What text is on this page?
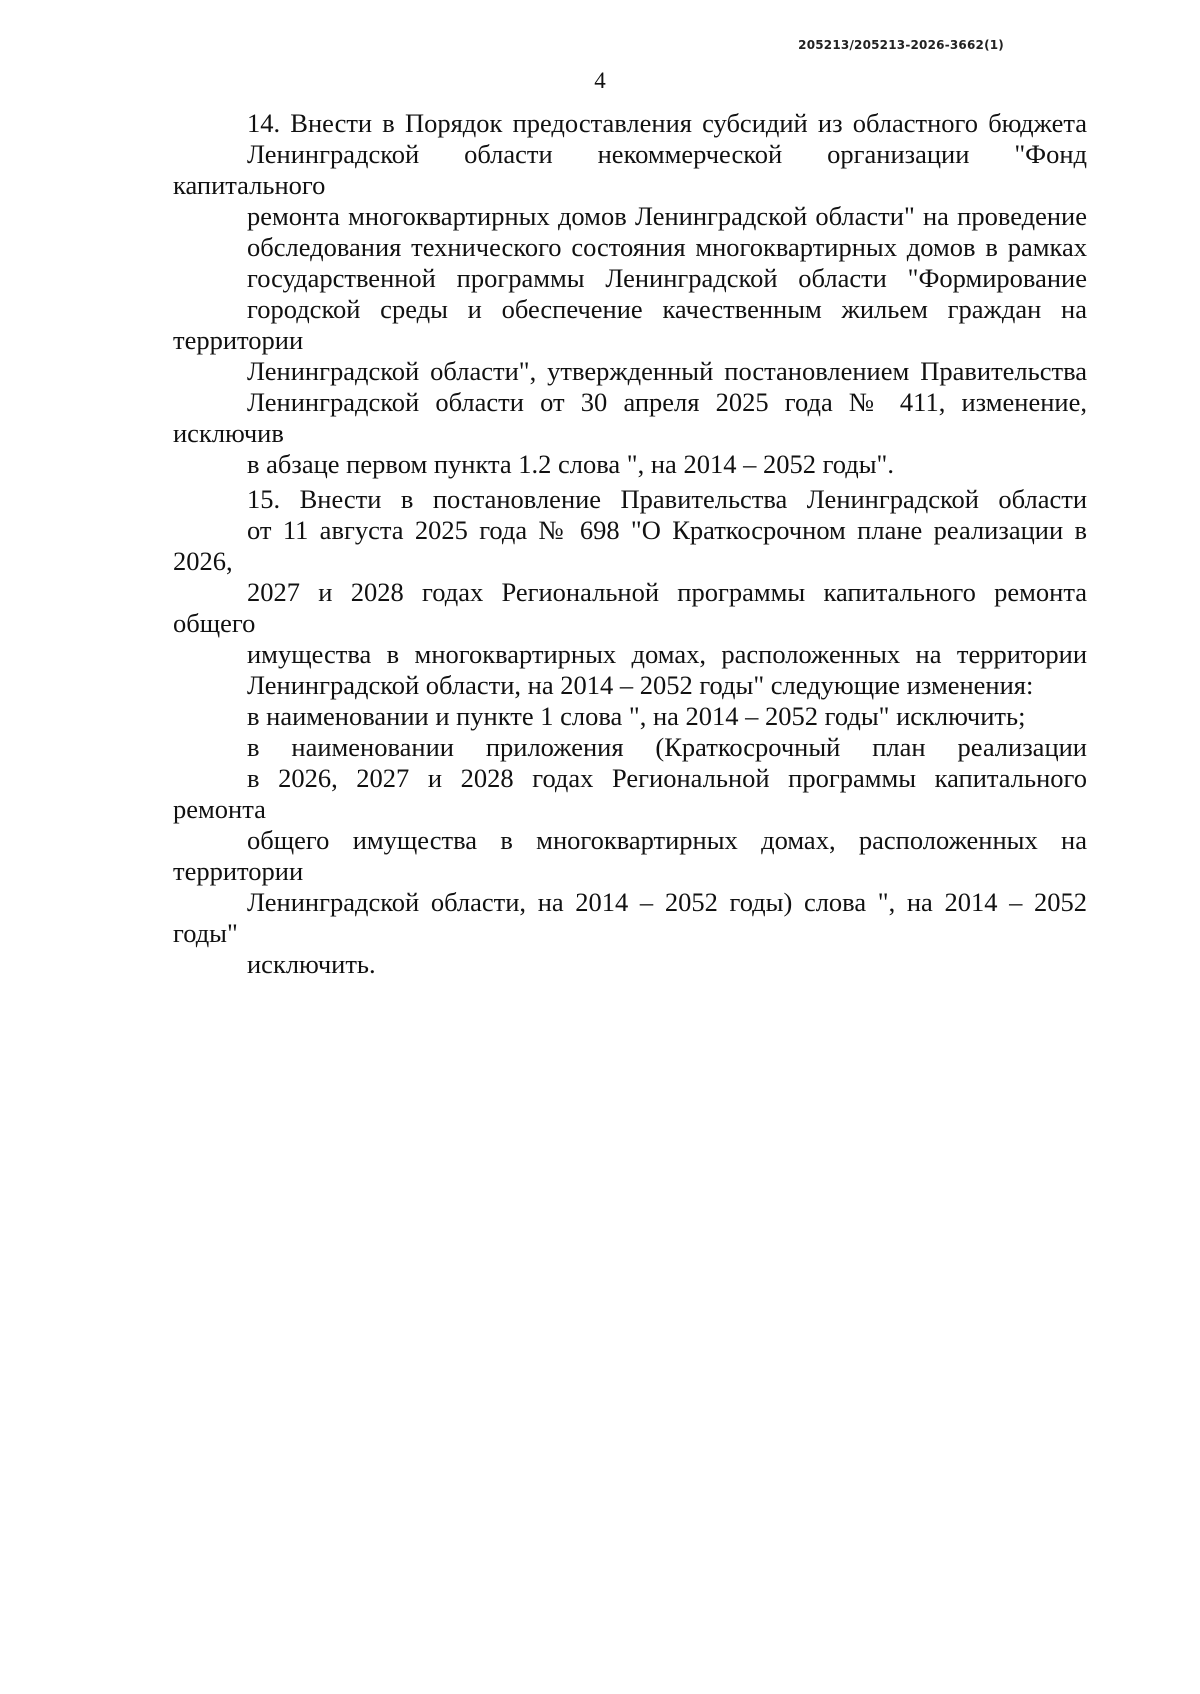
205213/205213-2026-3662(1)
4

14. Внести в Порядок предоставления субсидий из областного бюджета
Ленинградской области некоммерческой организации "Фонд капитального
ремонта многоквартирных домов Ленинградской области" на проведение
обследования технического состояния многоквартирных домов в рамках
государственной программы Ленинградской области "Формирование
городской среды и обеспечение качественным жильем граждан на территории
Ленинградской области", утвержденный постановлением Правительства
Ленинградской области от 30 апреля 2025 года № 411, изменение, исключив
в абзаце первом пункта 1.2 слова ", на 2014 – 2052 годы".

15. Внести в постановление Правительства Ленинградской области
от 11 августа 2025 года № 698 "О Краткосрочном плане реализации в 2026,
2027 и 2028 годах Региональной программы капитального ремонта общего
имущества в многоквартирных домах, расположенных на территории
Ленинградской области, на 2014 – 2052 годы" следующие изменения:

в наименовании и пункте 1 слова ", на 2014 – 2052 годы" исключить;

в наименовании приложения (Краткосрочный план реализации
в 2026, 2027 и 2028 годах Региональной программы капитального ремонта
общего имущества в многоквартирных домах, расположенных на территории
Ленинградской области, на 2014 – 2052 годы) слова ", на 2014 – 2052 годы"
исключить.
